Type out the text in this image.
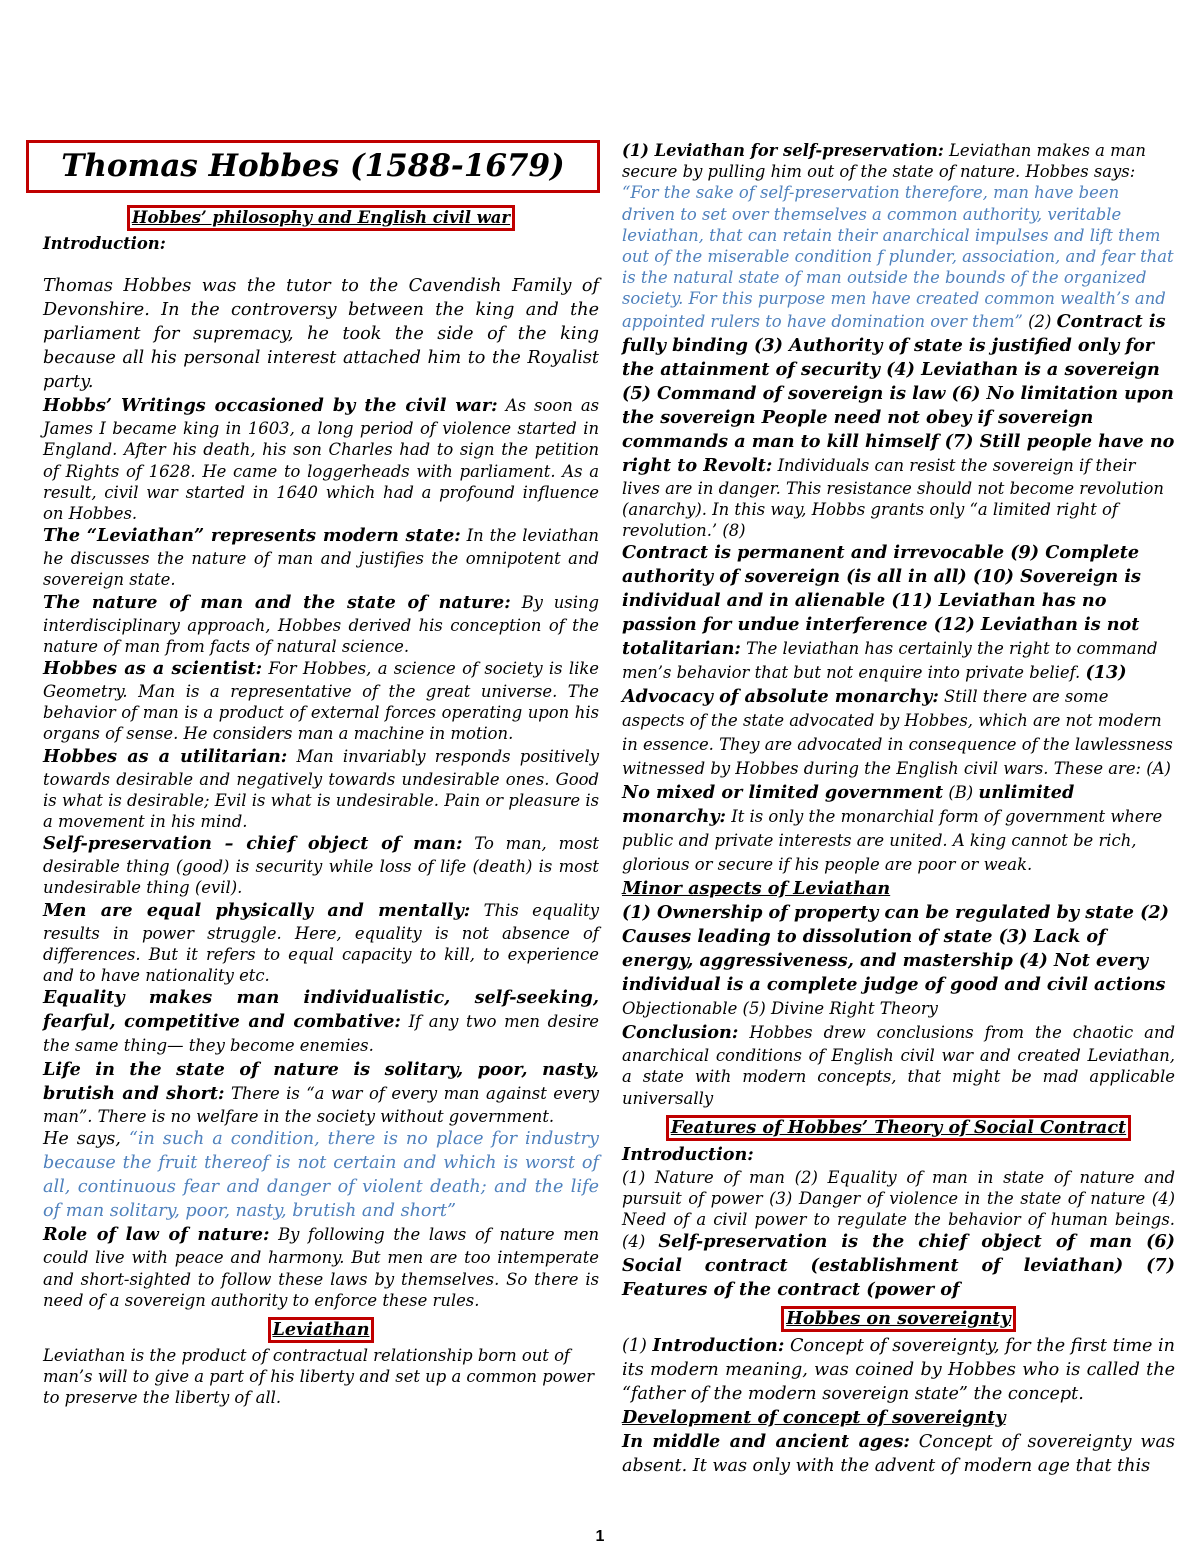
Thomas Hobbes (1588-1679)
Hobbes’ philosophy and English civil war

Introduction:

Thomas Hobbes was the tutor to the Cavendish Family of Devonshire. In the controversy between the king and the parliament for supremacy, he took the side of the king because all his personal interest attached him to the Royalist party.

Hobbs’ Writings occasioned by the civil war: As soon as James I became king in 1603, a long period of violence started in England. After his death, his son Charles had to sign the petition of Rights of 1628. He came to loggerheads with parliament. As a result, civil war started in 1640 which had a profound influence on Hobbes.

The “Leviathan” represents modern state: In the leviathan he discusses the nature of man and justifies the omnipotent and sovereign state.

The nature of man and the state of nature: By using interdisciplinary approach, Hobbes derived his conception of the nature of man from facts of natural science.

Hobbes as a scientist: For Hobbes, a science of society is like Geometry. Man is a representative of the great universe. The behavior of man is a product of external forces operating upon his organs of sense. He considers man a machine in motion.

Hobbes as a utilitarian: Man invariably responds positively towards desirable and negatively towards undesirable ones. Good is what is desirable; Evil is what is undesirable. Pain or pleasure is a movement in his mind.

Self-preservation – chief object of man: To man, most desirable thing (good) is security while loss of life (death) is most undesirable thing (evil).

Men are equal physically and mentally: This equality results in power struggle. Here, equality is not absence of differences. But it refers to equal capacity to kill, to experience and to have nationality etc.

Equality makes man individualistic, self-seeking, fearful, competitive and combative: If any two men desire the same thing— they become enemies.

Life in the state of nature is solitary, poor, nasty, brutish and short: There is “a war of every man against every man”. There is no welfare in the society without government.

He says, “in such a condition, there is no place for industry because the fruit thereof is not certain and which is worst of all, continuous fear and danger of violent death; and the life of man solitary, poor, nasty, brutish and short”

Role of law of nature: By following the laws of nature men could live with peace and harmony. But men are too intemperate and short-sighted to follow these laws by themselves. So there is need of a sovereign authority to enforce these rules.

Leviathan

Leviathan is the product of contractual relationship born out of man’s will to give a part of his liberty and set up a common power to preserve the liberty of all.

(1) Leviathan for self-preservation: Leviathan makes a man secure by pulling him out of the state of nature. Hobbes says: “For the sake of self-preservation therefore, man have been driven to set over themselves a common authority, veritable leviathan, that can retain their anarchical impulses and lift them out of the miserable condition f plunder, association, and fear that is the natural state of man outside the bounds of the organized society. For this purpose men have created common wealth’s and appointed rulers to have domination over them” (2) Contract is fully binding (3) Authority of state is justified only for the attainment of security (4) Leviathan is a sovereign (5) Command of sovereign is law (6) No limitation upon the sovereign People need not obey if sovereign commands a man to kill himself (7) Still people have no right to Revolt: Individuals can resist the sovereign if their lives are in danger. This resistance should not become revolution (anarchy). In this way, Hobbs grants only “a limited right of revolution.’ (8)

Contract is permanent and irrevocable (9) Complete authority of sovereign (is all in all) (10) Sovereign is individual and in alienable (11) Leviathan has no passion for undue interference (12) Leviathan is not totalitarian: The leviathan has certainly the right to command men’s behavior that but not enquire into private belief. (13) Advocacy of absolute monarchy: Still there are some aspects of the state advocated by Hobbes, which are not modern in essence. They are advocated in consequence of the lawlessness witnessed by Hobbes during the English civil wars. These are: (A) No mixed or limited government (B) unlimited monarchy: It is only the monarchial form of government where public and private interests are united. A king cannot be rich, glorious or secure if his people are poor or weak.

Minor aspects of Leviathan

(1) Ownership of property can be regulated by state (2) Causes leading to dissolution of state (3) Lack of energy, aggressiveness, and mastership (4) Not every individual is a complete judge of good and civil actions Objectionable (5) Divine Right Theory

Conclusion: Hobbes drew conclusions from the chaotic and anarchical conditions of English civil war and created Leviathan, a state with modern concepts, that might be mad applicable universally

Features of Hobbes’ Theory of Social Contract

Introduction:

(1) Nature of man (2) Equality of man in state of nature and pursuit of power (3) Danger of violence in the state of nature (4) Need of a civil power to regulate the behavior of human beings.(4) Self-preservation is the chief object of man (6) Social contract (establishment of leviathan) (7) Features of the contract (power of

Hobbes on sovereignty

(1) Introduction: Concept of sovereignty, for the first time in its modern meaning, was coined by Hobbes who is called the “father of the modern sovereign state” the concept.

Development of concept of sovereignty

In middle and ancient ages: Concept of sovereignty was absent. It was only with the advent of modern age that this

1
